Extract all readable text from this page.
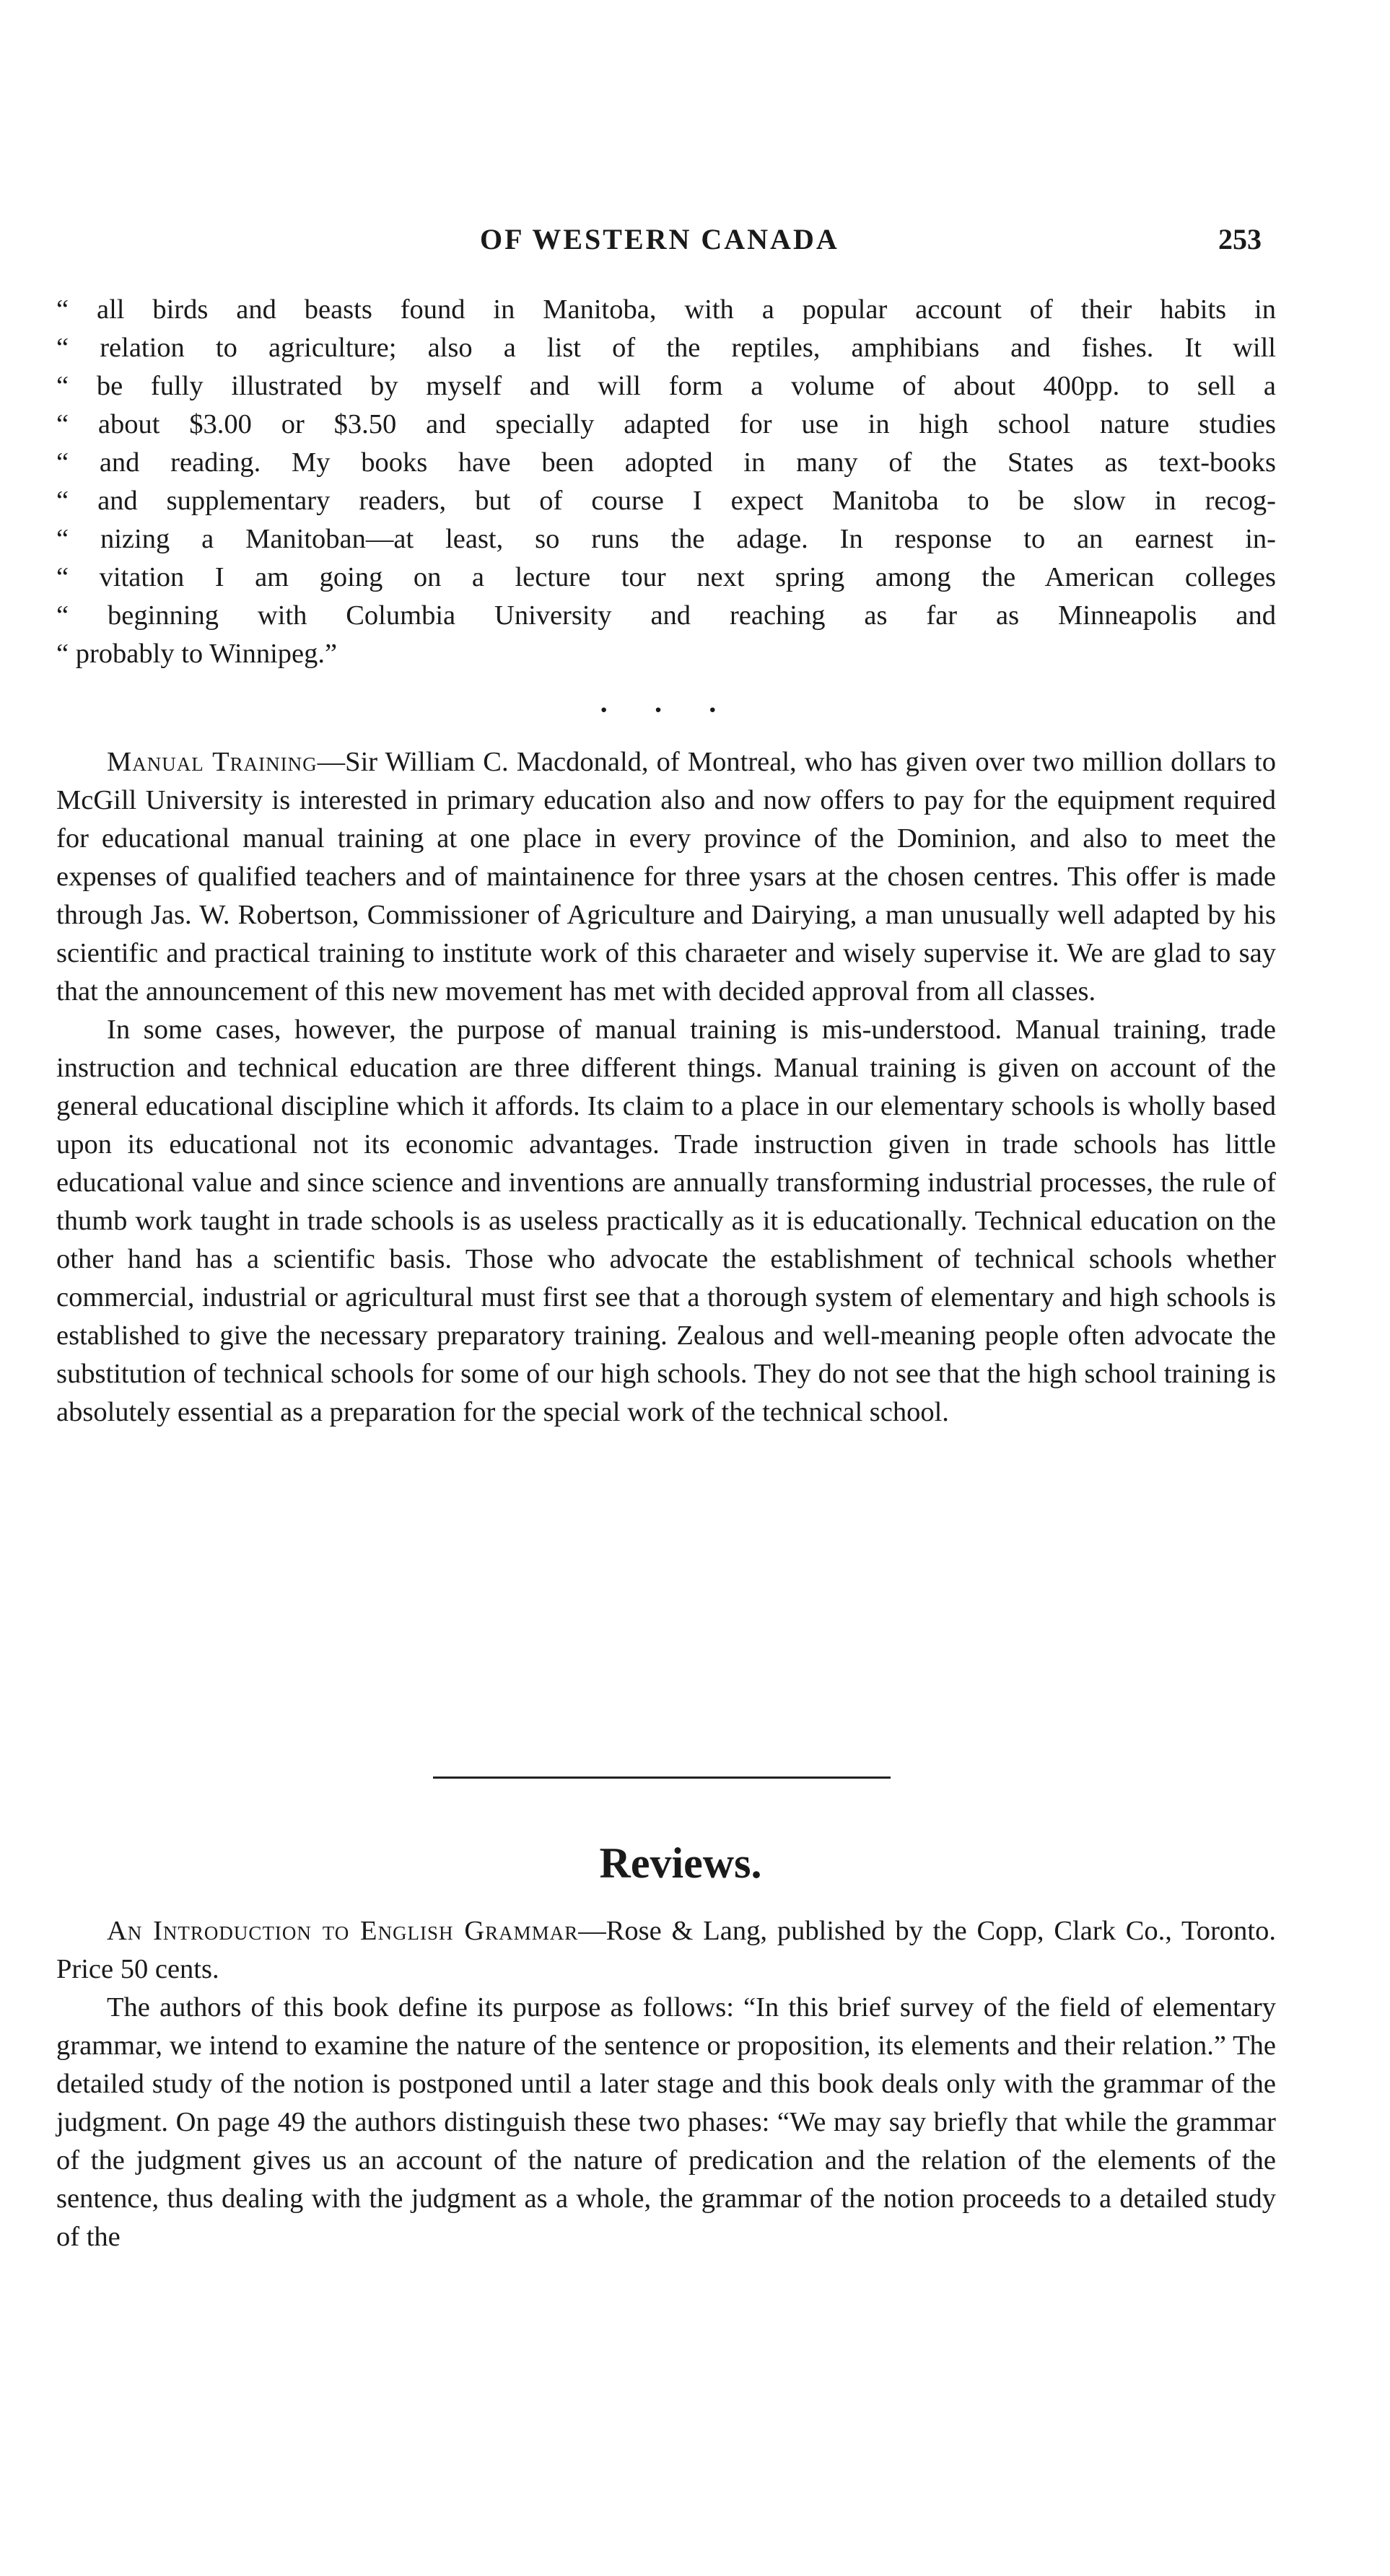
OF WESTERN CANADA	253
“ all birds and beasts found in Manitoba, with a popular account of their habits in
“ relation to agriculture; also a list of the reptiles, amphibians and fishes. It will
“ be fully illustrated by myself and will form a volume of about 400pp. to sell a
“ about $3.00 or $3.50 and specially adapted for use in high school nature studies
“ and reading. My books have been adopted in many of the States as text-books
“ and supplementary readers, but of course I expect Manitoba to be slow in recog-
“ nizing a Manitoban—at least, so runs the adage. In response to an earnest in-
“ vitation I am going on a lecture tour next spring among the American colleges
“ beginning with Columbia University and reaching as far as Minneapolis and
“ probably to Winnipeg.”
· · ·

Manual Training—Sir William C. Macdonald, of Montreal, who has given over two million dollars to McGill University is interested in primary education also and now offers to pay for the equipment required for educational manual training at one place in every province of the Dominion, and also to meet the expenses of qualified teachers and of maintainence for three ysars at the chosen centres. This offer is made through Jas. W. Robertson, Commissioner of Agriculture and Dairying, a man unusually well adapted by his scientific and practical training to institute work of this charaeter and wisely supervise it. We are glad to say that the announcement of this new movement has met with decided approval from all classes.

In some cases, however, the purpose of manual training is mis-understood. Manual training, trade instruction and technical education are three different things. Manual training is given on account of the general educational discipline which it affords. Its claim to a place in our elementary schools is wholly based upon its educational not its economic advantages. Trade instruction given in trade schools has little educational value and since science and inventions are annually transforming industrial processes, the rule of thumb work taught in trade schools is as useless practically as it is educationally. Technical education on the other hand has a scientific basis. Those who advocate the establishment of technical schools whether commercial, industrial or agricultural must first see that a thorough system of elementary and high schools is established to give the necessary preparatory training. Zealous and well-meaning people often advocate the substitution of technical schools for some of our high schools. They do not see that the high school training is absolutely essential as a preparation for the special work of the technical school.

Reviews.

An Introduction to English Grammar—Rose & Lang, published by the Copp, Clark Co., Toronto. Price 50 cents.

The authors of this book define its purpose as follows: “In this brief survey of the field of elementary grammar, we intend to examine the nature of the sentence or proposition, its elements and their relation.” The detailed study of the notion is postponed until a later stage and this book deals only with the grammar of the judgment. On page 49 the authors distinguish these two phases: “We may say briefly that while the grammar of the judgment gives us an account of the nature of predication and the relation of the elements of the sentence, thus dealing with the judgment as a whole, the grammar of the notion proceeds to a detailed study of the
